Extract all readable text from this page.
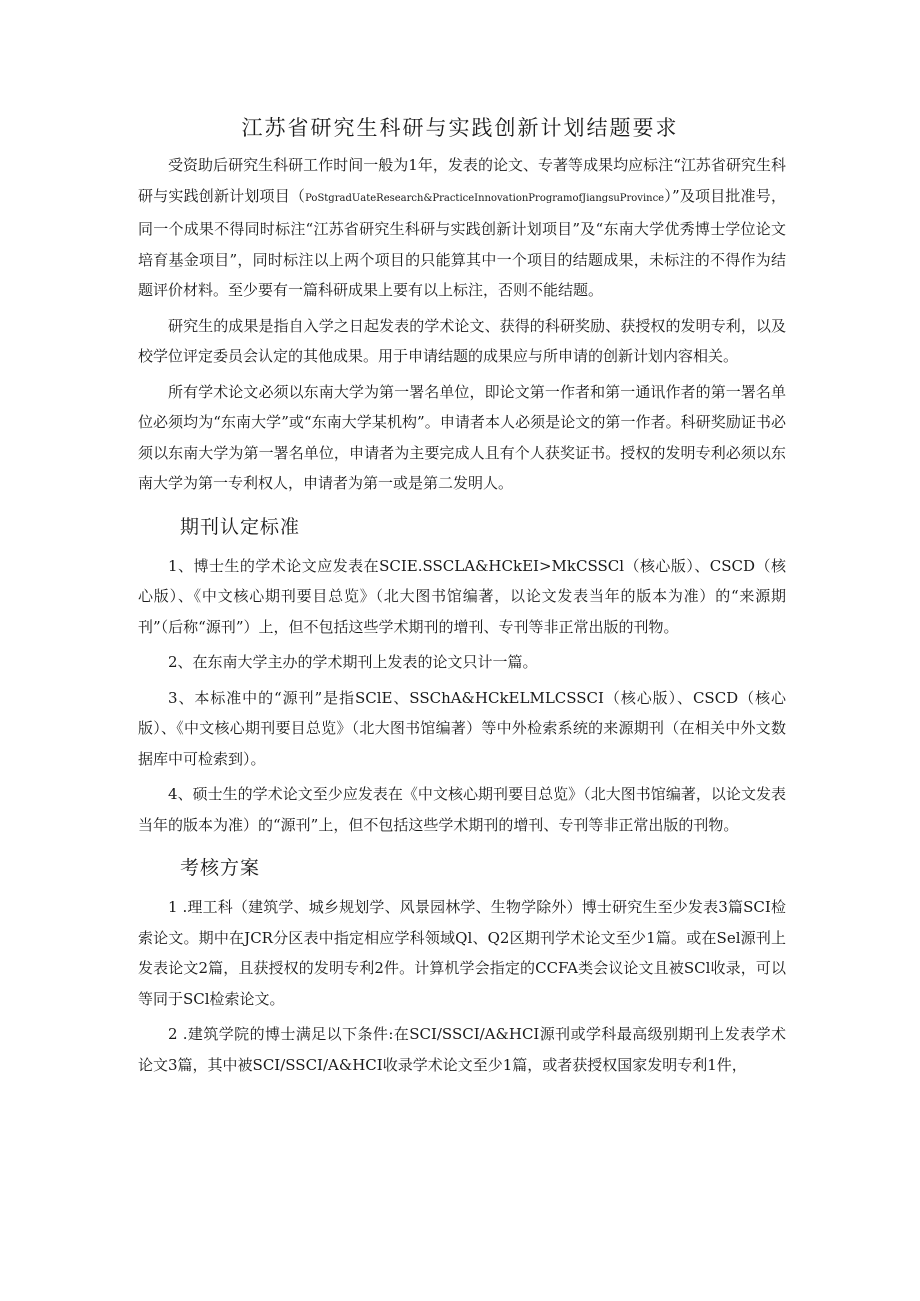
江苏省研究生科研与实践创新计划结题要求

受资助后研究生科研工作时间一般为1年，发表的论文、专著等成果均应标注“江苏省研究生科研与实践创新计划项目（PoStgradUateResearch&PracticeInnovationProgramofJiangsuProvince）”及项目批准号，同一个成果不得同时标注“江苏省研究生科研与实践创新计划项目”及“东南大学优秀博士学位论文培育基金项目”，同时标注以上两个项目的只能算其中一个项目的结题成果，未标注的不得作为结题评价材料。至少要有一篇科研成果上要有以上标注，否则不能结题。

研究生的成果是指自入学之日起发表的学术论文、获得的科研奖励、获授权的发明专利，以及校学位评定委员会认定的其他成果。用于申请结题的成果应与所申请的创新计划内容相关。

所有学术论文必须以东南大学为第一署名单位，即论文第一作者和第一通讯作者的第一署名单位必须均为“东南大学”或“东南大学某机构”。申请者本人必须是论文的第一作者。科研奖励证书必须以东南大学为第一署名单位，申请者为主要完成人且有个人获奖证书。授权的发明专利必须以东南大学为第一专利权人，申请者为第一或是第二发明人。

期刊认定标准

1、博士生的学术论文应发表在SCIE.SSCLA&HCkEI>MkCSSCl（核心版）、CSCD（核心版）、《中文核心期刊要目总览》（北大图书馆编著，以论文发表当年的版本为准）的“来源期刊”（后称“源刊”）上，但不包括这些学术期刊的增刊、专刊等非正常出版的刊物。

2、在东南大学主办的学术期刊上发表的论文只计一篇。

3、本标准中的“源刊”是指SClE、SSChA&HCkELMLCSSCI（核心版）、CSCD（核心版）、《中文核心期刊要目总览》（北大图书馆编著）等中外检索系统的来源期刊（在相关中外文数据库中可检索到）。

4、硕士生的学术论文至少应发表在《中文核心期刊要目总览》（北大图书馆编著，以论文发表当年的版本为准）的“源刊”上，但不包括这些学术期刊的增刊、专刊等非正常出版的刊物。

考核方案

1 .理工科（建筑学、城乡规划学、风景园林学、生物学除外）博士研究生至少发表3篇SCI检索论文。期中在JCR分区表中指定相应学科领域Ql、Q2区期刊学术论文至少1篇。或在Sel源刊上发表论文2篇，且获授权的发明专利2件。计算机学会指定的CCFA类会议论文且被SCl收录，可以等同于SCl检索论文。

2 .建筑学院的博士满足以下条件:在SCI/SSCI/A&HCI源刊或学科最高级别期刊上发表学术论文3篇，其中被SCI/SSCI/A&HCI收录学术论文至少1篇，或者获授权国家发明专利1件，
